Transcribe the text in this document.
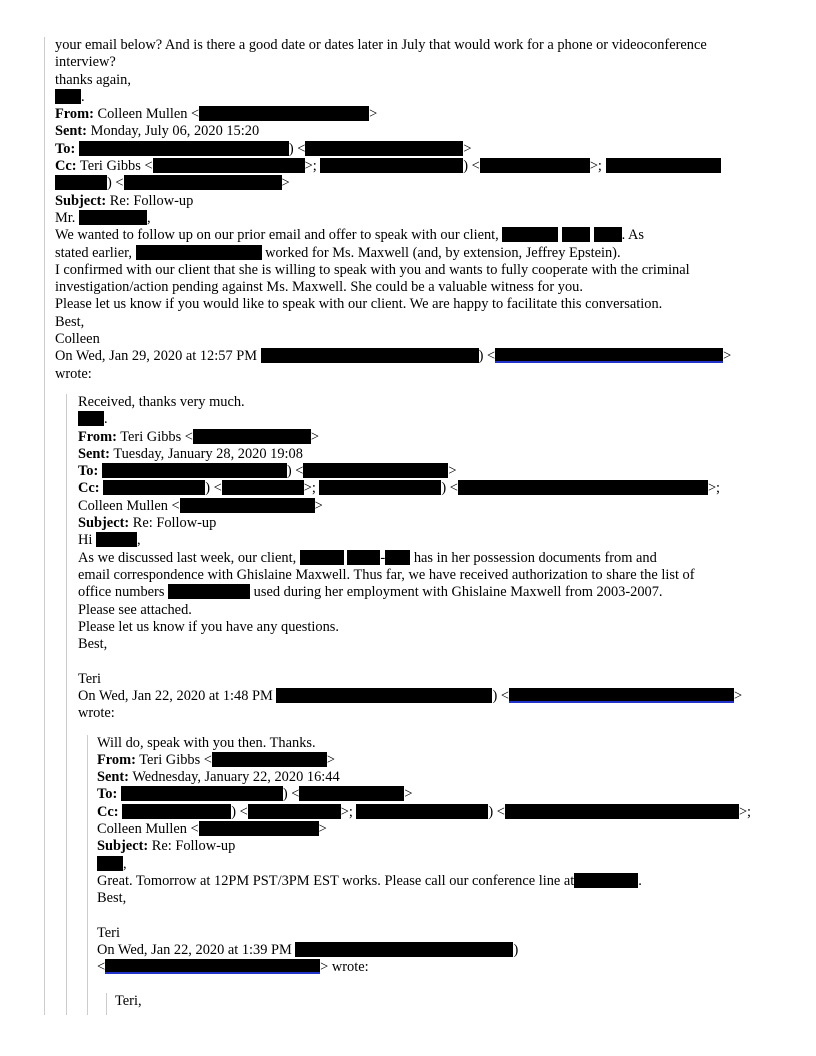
your email below? And is there a good date or dates later in July that would work for a phone or videoconference
interview?
thanks again,
.
From: Colleen Mullen <	>
Sent: Monday, July 06, 2020 15:20
To:	) <	>
Cc: Teri Gibbs <	>;	) <	>;
) <	>
Subject: Re: Follow-up
Mr.	,
We wanted to follow up on our prior email and offer to speak with our client,	. As
stated earlier,	worked for Ms. Maxwell (and, by extension, Jeffrey Epstein).
I confirmed with our client that she is willing to speak with you and wants to fully cooperate with the criminal
investigation/action pending against Ms. Maxwell. She could be a valuable witness for you.
Please let us know if you would like to speak with our client. We are happy to facilitate this conversation.
Best,
Colleen
On Wed, Jan 29, 2020 at 12:57 PM	) <	>
wrote:
Received, thanks very much.
.
From: Teri Gibbs <	>
Sent: Tuesday, January 28, 2020 19:08
To:	) <	>
Cc:	) <	>;	) <	>;
Colleen Mullen <	>
Subject: Re: Follow-up
Hi	,
As we discussed last week, our client,	- has in her possession documents from and
email correspondence with Ghislaine Maxwell. Thus far, we have received authorization to share the list of
office numbers	used during her employment with Ghislaine Maxwell from 2003-2007.
Please see attached.
Please let us know if you have any questions.
Best,

Teri
On Wed, Jan 22, 2020 at 1:48 PM	) <	>
wrote:
Will do, speak with you then. Thanks.
From: Teri Gibbs <	>
Sent: Wednesday, January 22, 2020 16:44
To:	) <	>
Cc:	) <	>;	) <	>;
Colleen Mullen <	>
Subject: Re: Follow-up
,
Great. Tomorrow at 12PM PST/3PM EST works. Please call our conference line at	.
Best,

Teri
On Wed, Jan 22, 2020 at 1:39 PM	)
<	> wrote:
Teri,
